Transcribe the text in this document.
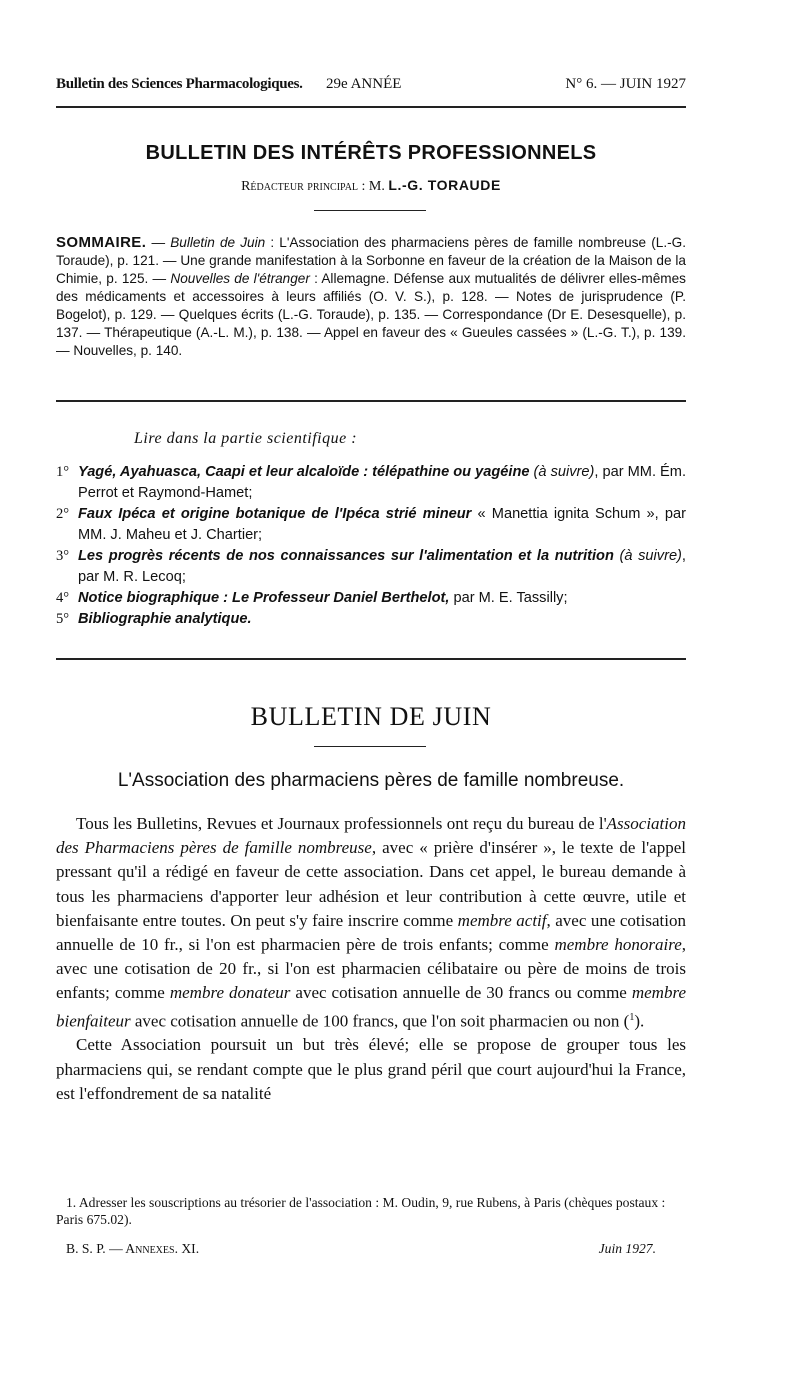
Bulletin des Sciences Pharmacologiques. 29e ANNÉE	N° 6. — JUIN 1927
BULLETIN DES INTÉRÊTS PROFESSIONNELS
Rédacteur principal : M. L.-G. TORAUDE
SOMMAIRE. — Bulletin de Juin : L'Association des pharmaciens pères de famille nombreuse (L.-G. Toraude), p. 121. — Une grande manifestation à la Sorbonne en faveur de la création de la Maison de la Chimie, p. 125. — Nouvelles de l'étranger : Allemagne. Défense aux mutualités de délivrer elles-mêmes des médicaments et accessoires à leurs affiliés (O. V. S.), p. 128. — Notes de jurisprudence (P. Bogelot), p. 129. — Quelques écrits (L.-G. Toraude), p. 135. — Correspondance (Dr E. Desesquelle), p. 137. — Thérapeutique (A.-L. M.), p. 138. — Appel en faveur des « Gueules cassées » (L.-G. T.), p. 139. — Nouvelles, p. 140.
Lire dans la partie scientifique :
1° Yagé, Ayahuasca, Caapi et leur alcaloïde : télépathine ou yagéine (à suivre), par MM. Ém. Perrot et Raymond-Hamet;
2° Faux Ipéca et origine botanique de l'Ipéca strié mineur « Manettia ignita Schum », par MM. J. Maheu et J. Chartier;
3° Les progrès récents de nos connaissances sur l'alimentation et la nutrition (à suivre), par M. R. Lecoq;
4° Notice biographique : Le Professeur Daniel Berthelot, par M. E. Tassilly;
5° Bibliographie analytique.
BULLETIN DE JUIN
L'Association des pharmaciens pères de famille nombreuse.

Tous les Bulletins, Revues et Journaux professionnels ont reçu du bureau de l'Association des Pharmaciens pères de famille nombreuse, avec « prière d'insérer », le texte de l'appel pressant qu'il a rédigé en faveur de cette association. Dans cet appel, le bureau demande à tous les pharmaciens d'apporter leur adhésion et leur contribution à cette œuvre, utile et bienfaisante entre toutes. On peut s'y faire inscrire comme membre actif, avec une cotisation annuelle de 10 fr., si l'on est pharmacien père de trois enfants; comme membre honoraire, avec une cotisation de 20 fr., si l'on est pharmacien célibataire ou père de moins de trois enfants; comme membre donateur avec cotisation annuelle de 30 francs ou comme membre bienfaiteur avec cotisation annuelle de 100 francs, que l'on soit pharmacien ou non ($^1$).

Cette Association poursuit un but très élevé; elle se propose de grouper tous les pharmaciens qui, se rendant compte que le plus grand péril que court aujourd'hui la France, est l'effondrement de sa natalité

1. Adresser les souscriptions au trésorier de l'association : M. Oudin, 9, rue Rubens, à Paris (chèques postaux : Paris 675.02).

B. S. P. — Annexes. XI.	Juin 1927.
